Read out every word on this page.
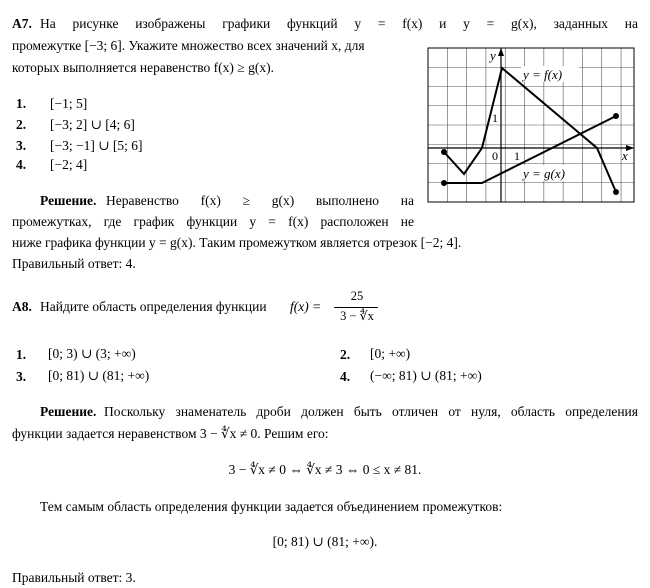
А7. На рисунке изображены графики функций y = f(x) и y = g(x), заданных на
промежутке [−3; 6]. Укажите множество всех значений x, для
которых выполняется неравенство f(x) ≥ g(x).
1. [−1; 5]
2. [−3; 2] ∪ [4; 6]
3. [−3; −1] ∪ [5; 6]
4. [−2; 4]
Решение. Неравенство f(x) ≥ g(x) выполнено на
промежутках, где график функции y = f(x) расположен не
ниже графика функции y = g(x). Таким промежутком является отрезок [−2; 4].
Правильный ответ: 4.
y = f(x)
y = g(x)
y
x
0 1
1
А8. Найдите область определения функции f(x) =
25
3 − ∜x
1. [0; 3) ∪ (3; +∞)	2. [0; +∞)
3. [0; 81) ∪ (81; +∞)	4. (−∞; 81) ∪ (81; +∞)
Решение. Поскольку знаменатель дроби должен быть отличен от нуля, область определения
функции задается неравенством 3 − ∜x ≠ 0. Решим его:
3 − ∜x ≠ 0 ⇔ ∜x ≠ 3 ⇔ 0 ≤ x ≠ 81.
Тем самым область определения функции задается объединением промежутков:
[0; 81) ∪ (81; +∞).
Правильный ответ: 3.
